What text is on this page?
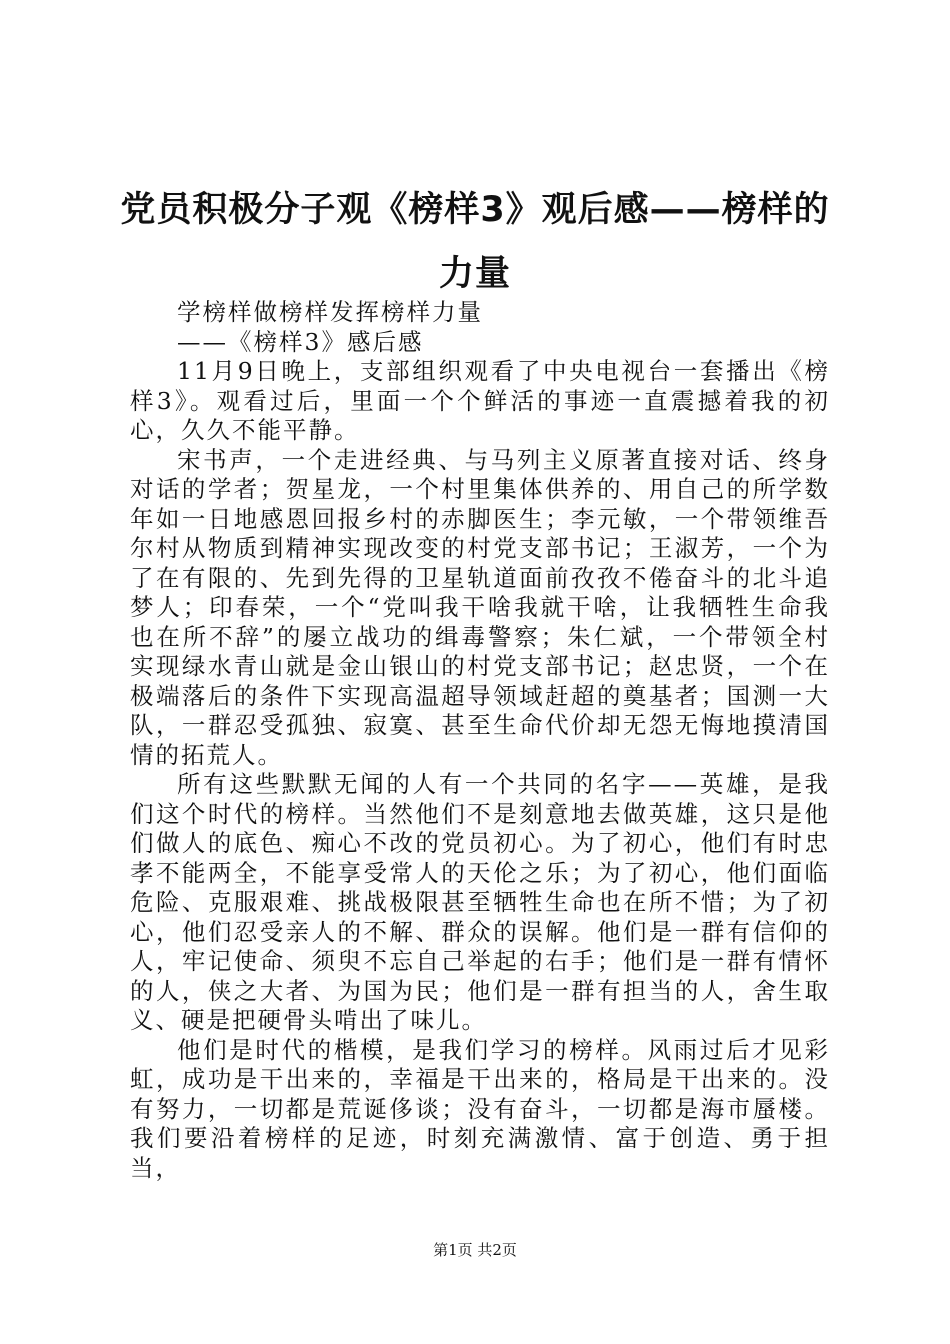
党员积极分子观《榜样3》观后感——榜样的力量

学榜样做榜样发挥榜样力量

——《榜样3》感后感

11月9日晚上，支部组织观看了中央电视台一套播出《榜样3》。观看过后，里面一个个鲜活的事迹一直震撼着我的初心，久久不能平静。

宋书声，一个走进经典、与马列主义原著直接对话、终身对话的学者；贺星龙，一个村里集体供养的、用自己的所学数年如一日地感恩回报乡村的赤脚医生；李元敏，一个带领维吾尔村从物质到精神实现改变的村党支部书记；王淑芳，一个为了在有限的、先到先得的卫星轨道面前孜孜不倦奋斗的北斗追梦人；印春荣，一个“党叫我干啥我就干啥，让我牺牲生命我也在所不辞”的屡立战功的缉毒警察；朱仁斌，一个带领全村实现绿水青山就是金山银山的村党支部书记；赵忠贤，一个在极端落后的条件下实现高温超导领域赶超的奠基者；国测一大队，一群忍受孤独、寂寞、甚至生命代价却无怨无悔地摸清国情的拓荒人。

所有这些默默无闻的人有一个共同的名字——英雄，是我们这个时代的榜样。当然他们不是刻意地去做英雄，这只是他们做人的底色、痴心不改的党员初心。为了初心，他们有时忠孝不能两全，不能享受常人的天伦之乐；为了初心，他们面临危险、克服艰难、挑战极限甚至牺牲生命也在所不惜；为了初心，他们忍受亲人的不解、群众的误解。他们是一群有信仰的人，牢记使命、须臾不忘自己举起的右手；他们是一群有情怀的人，侠之大者、为国为民；他们是一群有担当的人，舍生取义、硬是把硬骨头啃出了味儿。

他们是时代的楷模，是我们学习的榜样。风雨过后才见彩虹，成功是干出来的，幸福是干出来的，格局是干出来的。没有努力，一切都是荒诞侈谈；没有奋斗，一切都是海市蜃楼。我们要沿着榜样的足迹，时刻充满激情、富于创造、勇于担当，

第1页 共2页
